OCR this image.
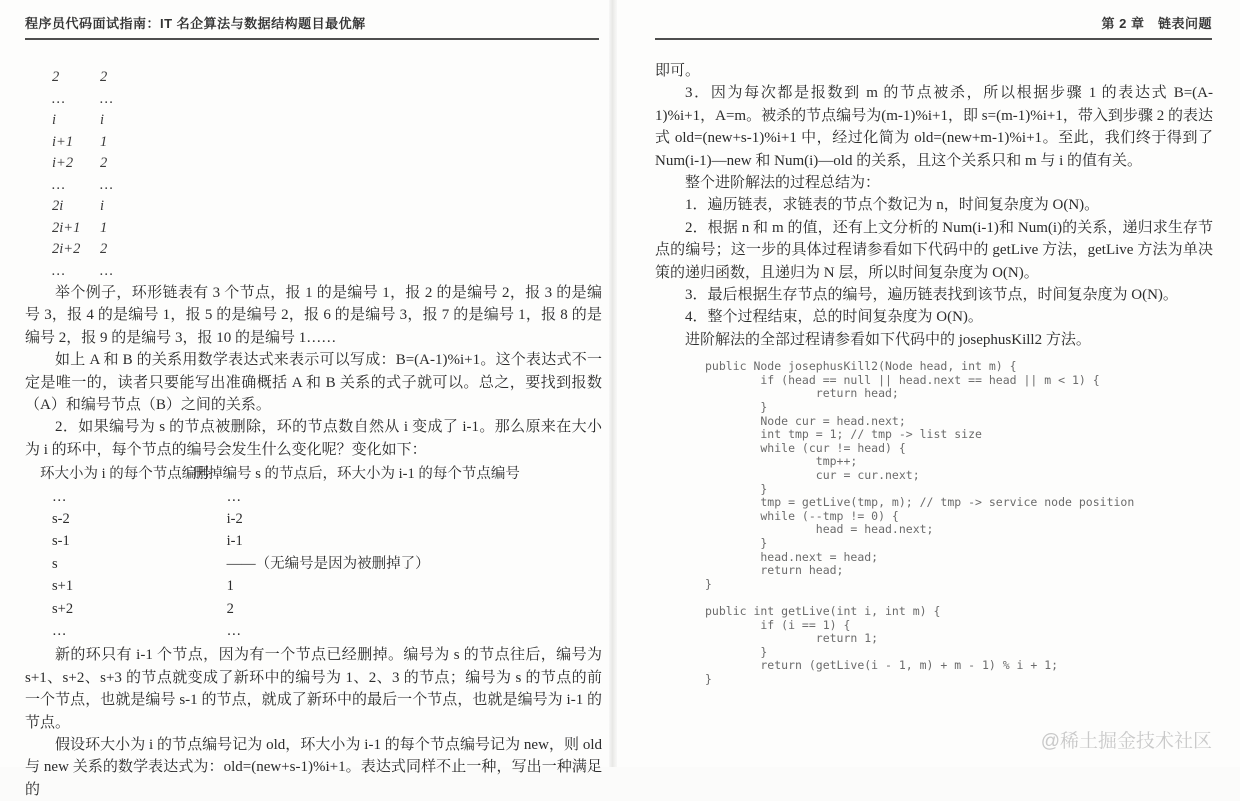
程序员代码面试指南：IT 名企算法与数据结构题目最优解
2	2
…	…
i	i
i+1	1
i+2	2
…	…
2i	i
2i+1	1
2i+2	2
…	…

举个例子，环形链表有 3 个节点，报 1 的是编号 1，报 2 的是编号 2，报 3 的是编号 3，报 4 的是编号 1，报 5 的是编号 2，报 6 的是编号 3，报 7 的是编号 1，报 8 的是编号 2，报 9 的是编号 3，报 10 的是编号 1……

如上 A 和 B 的关系用数学表达式来表示可以写成：B=(A-1)%i+1。这个表达式不一定是唯一的，读者只要能写出准确概括 A 和 B 关系的式子就可以。总之，要找到报数（A）和编号节点（B）之间的关系。

2．如果编号为 s 的节点被删除，环的节点数自然从 i 变成了 i-1。那么原来在大小为 i 的环中，每个节点的编号会发生什么变化呢？变化如下：

环大小为 i 的每个节点编号 删掉编号 s 的节点后，环大小为 i-1 的每个节点编号
…	…
s-2	i-2
s-1	i-1
s	——（无编号是因为被删掉了）
s+1	1
s+2	2
…	…

新的环只有 i-1 个节点，因为有一个节点已经删掉。编号为 s 的节点往后，编号为 s+1、s+2、s+3 的节点就变成了新环中的编号为 1、2、3 的节点；编号为 s 的节点的前一个节点，也就是编号 s-1 的节点，就成了新环中的最后一个节点，也就是编号为 i-1 的节点。

假设环大小为 i 的节点编号记为 old，环大小为 i-1 的每个节点编号记为 new，则 old 与 new 关系的数学表达式为：old=(new+s-1)%i+1。表达式同样不止一种，写出一种满足的

第 2 章　链表问题

即可。

3．因为每次都是报数到 m 的节点被杀，所以根据步骤 1 的表达式 B=(A-1)%i+1，A=m。被杀的节点编号为(m-1)%i+1，即 s=(m-1)%i+1，带入到步骤 2 的表达式 old=(new+s-1)%i+1 中，经过化简为 old=(new+m-1)%i+1。至此，我们终于得到了 Num(i-1)—new 和 Num(i)—old 的关系，且这个关系只和 m 与 i 的值有关。

整个进阶解法的过程总结为：

1．遍历链表，求链表的节点个数记为 n，时间复杂度为 O(N)。

2．根据 n 和 m 的值，还有上文分析的 Num(i-1)和 Num(i)的关系，递归求生存节点的编号；这一步的具体过程请参看如下代码中的 getLive 方法，getLive 方法为单决策的递归函数，且递归为 N 层，所以时间复杂度为 O(N)。

3．最后根据生存节点的编号，遍历链表找到该节点，时间复杂度为 O(N)。

4．整个过程结束，总的时间复杂度为 O(N)。

进阶解法的全部过程请参看如下代码中的 josephusKill2 方法。

public Node josephusKill2(Node head, int m) {
if (head == null || head.next == head || m < 1) {
return head;
}
Node cur = head.next;
int tmp = 1; // tmp -> list size
while (cur != head) {
tmp++;
cur = cur.next;
}
tmp = getLive(tmp, m); // tmp -> service node position
while (--tmp != 0) {
head = head.next;
}
head.next = head;
return head;
}
public int getLive(int i, int m) {
if (i == 1) {
return 1;
}
return (getLive(i - 1, m) + m - 1) % i + 1;
}
@稀土掘金技术社区
